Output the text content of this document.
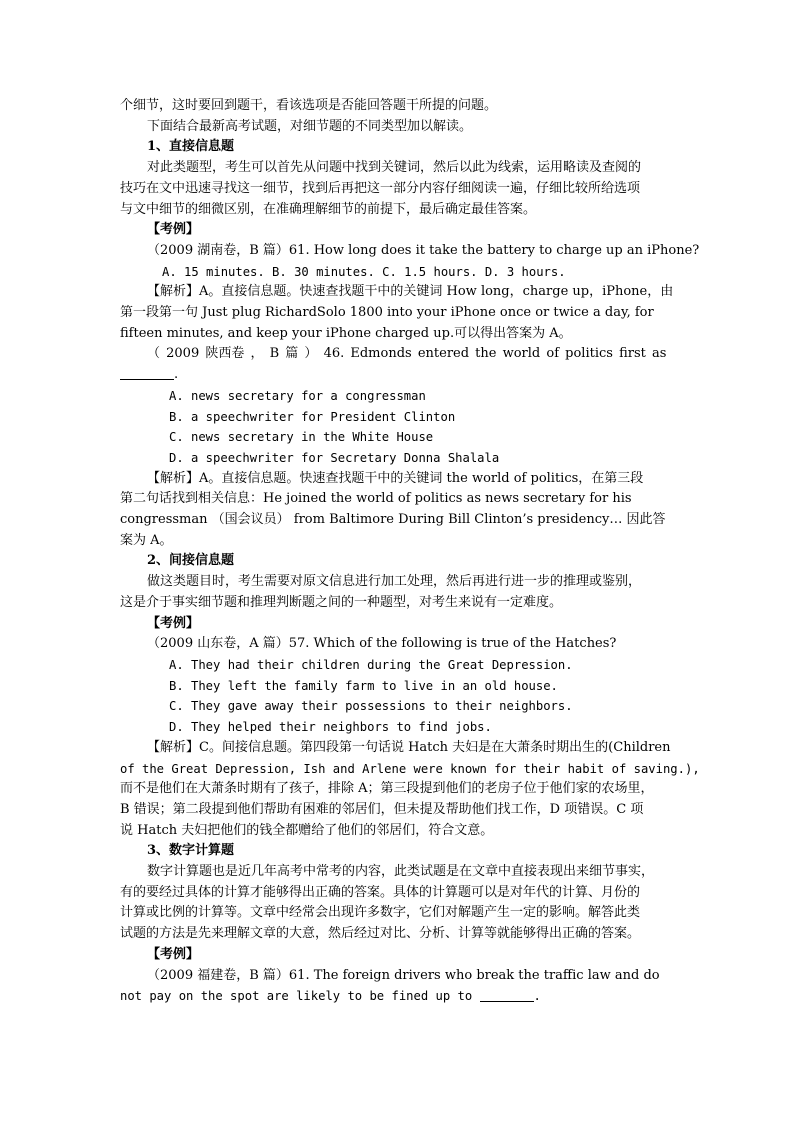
个细节，这时要回到题干，看该选项是否能回答题干所提的问题。

下面结合最新高考试题，对细节题的不同类型加以解读。

1、直接信息题

对此类题型，考生可以首先从问题中找到关键词，然后以此为线索，运用略读及查阅的

技巧在文中迅速寻找这一细节，找到后再把这一部分内容仔细阅读一遍，仔细比较所给选项

与文中细节的细微区别，在准确理解细节的前提下，最后确定最佳答案。

【考例】

（2009 湖南卷，B 篇）61. How long does it take the battery to charge up an iPhone?

A. 15 minutes. B. 30 minutes. C. 1.5 hours. D. 3 hours.

【解析】A。直接信息题。快速查找题干中的关键词 How long，charge up，iPhone，由

第一段第一句 Just plug RichardSolo 1800 into your iPhone once or twice a day, for

fifteen minutes, and keep your iPhone charged up.可以得出答案为 A。

（ 2009 陕西卷 ， B 篇 ） 46. Edmonds entered the world of politics first as

.

A. news secretary for a congressman

B. a speechwriter for President Clinton

C. news secretary in the White House

D. a speechwriter for Secretary Donna Shalala

【解析】A。直接信息题。快速查找题干中的关键词 the world of politics，在第三段

第二句话找到相关信息：He joined the world of politics as news secretary for his

congressman （国会议员） from Baltimore During Bill Clinton’s presidency… 因此答

案为 A。

2、间接信息题

做这类题目时，考生需要对原文信息进行加工处理，然后再进行进一步的推理或鉴别，

这是介于事实细节题和推理判断题之间的一种题型，对考生来说有一定难度。

【考例】

（2009 山东卷，A 篇）57. Which of the following is true of the Hatches?

A. They had their children during the Great Depression.

B. They left the family farm to live in an old house.

C. They gave away their possessions to their neighbors.

D. They helped their neighbors to find jobs.

【解析】C。间接信息题。第四段第一句话说 Hatch 夫妇是在大萧条时期出生的(Children

of the Great Depression, Ish and Arlene were known for their habit of saving.),

而不是他们在大萧条时期有了孩子，排除 A；第三段提到他们的老房子位于他们家的农场里，

B 错误；第二段提到他们帮助有困难的邻居们，但未提及帮助他们找工作，D 项错误。C 项

说 Hatch 夫妇把他们的钱全都赠给了他们的邻居们，符合文意。

3、数字计算题

数字计算题也是近几年高考中常考的内容，此类试题是在文章中直接表现出来细节事实，

有的要经过具体的计算才能够得出正确的答案。具体的计算题可以是对年代的计算、月份的

计算或比例的计算等。文章中经常会出现许多数字，它们对解题产生一定的影响。解答此类

试题的方法是先来理解文章的大意，然后经过对比、分析、计算等就能够得出正确的答案。

【考例】

（2009 福建卷，B 篇）61. The foreign drivers who break the traffic law and do

not pay on the spot are likely to be fined up to	.
